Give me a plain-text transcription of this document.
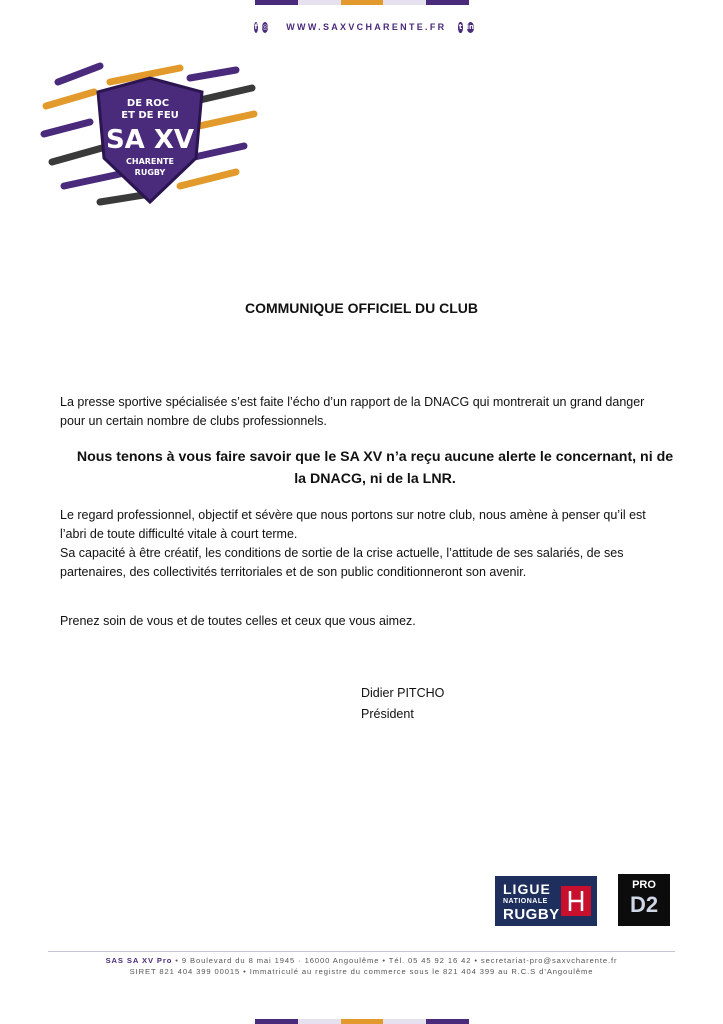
f ◎ WWW.SAXVCHARENTE.FR t in
DE ROC
ET DE FEU
SA XV
CHARENTE
RUGBY
COMMUNIQUE OFFICIEL DU CLUB
La presse sportive spécialisée s’est faite l’écho d’un rapport de la DNACG qui montrerait un grand danger
pour un certain nombre de clubs professionnels.
Nous tenons à vous faire savoir que le SA XV n’a reçu aucune alerte le concernant, ni de
la DNACG, ni de la LNR.
Le regard professionnel, objectif et sévère que nous portons sur notre club, nous amène à penser qu’il est
l’abri de toute difficulté vitale à court terme.
Sa capacité à être créatif, les conditions de sortie de la crise actuelle, l’attitude de ses salariés, de ses
partenaires, des collectivités territoriales et de son public conditionneront son avenir.
Prenez soin de vous et de toutes celles et ceux que vous aimez.
Didier PITCHO
Président
LIGUE
NATIONALE
RUGBY
PRO
D2
SAS SA XV Pro • 9 Boulevard du 8 mai 1945 · 16000 Angoulême • Tél. 05 45 92 16 42 • secretariat-pro@saxvcharente.fr
SIRET 821 404 399 00015 • Immatriculé au registre du commerce sous le 821 404 399 au R.C.S d’Angoulême
